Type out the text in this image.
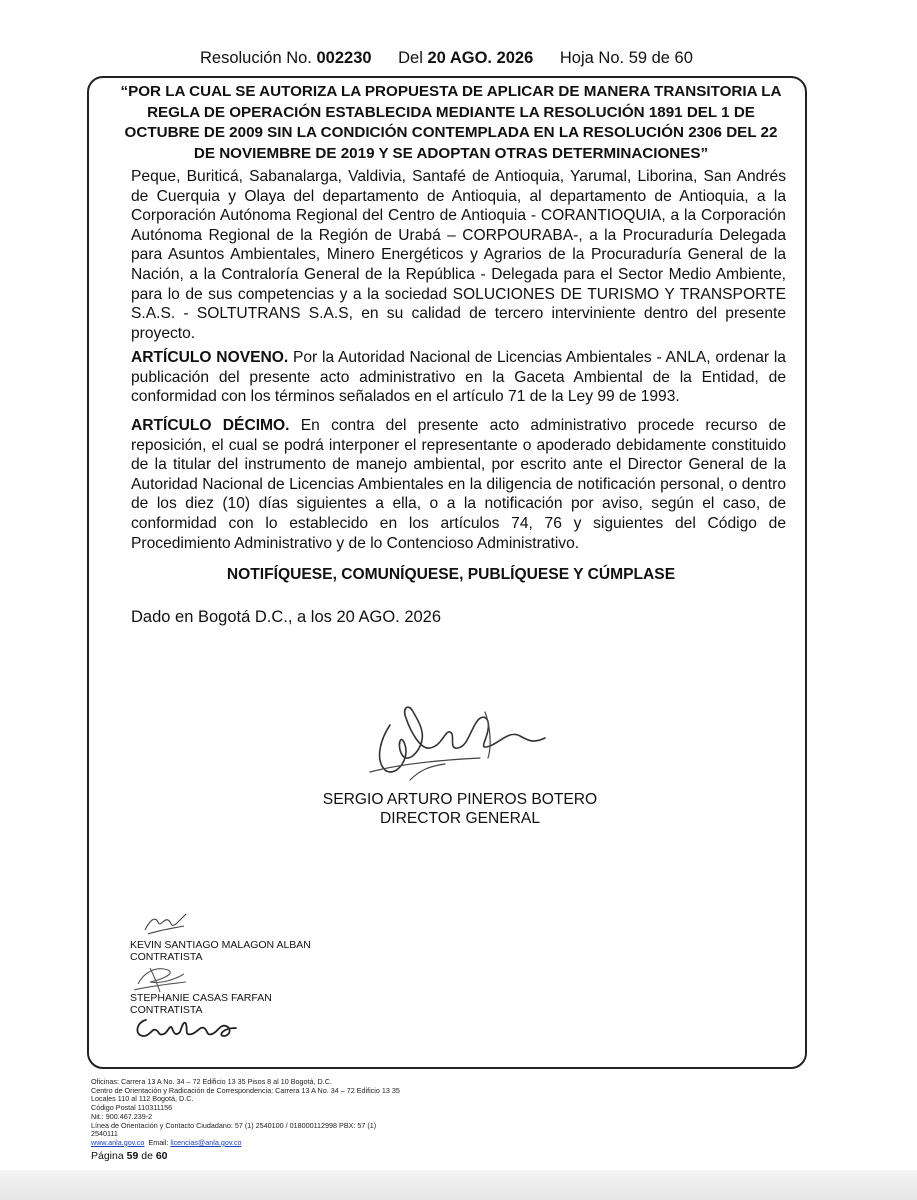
Resolución No. 002230 Del 20 AGO. 2026 Hoja No. 59 de 60
“POR LA CUAL SE AUTORIZA LA PROPUESTA DE APLICAR DE MANERA TRANSITORIA LA REGLA DE OPERACIÓN ESTABLECIDA MEDIANTE LA RESOLUCIÓN 1891 DEL 1 DE OCTUBRE DE 2009 SIN LA CONDICIÓN CONTEMPLADA EN LA RESOLUCIÓN 2306 DEL 22 DE NOVIEMBRE DE 2019 Y SE ADOPTAN OTRAS DETERMINACIONES”
Peque, Buriticá, Sabanalarga, Valdivia, Santafé de Antioquia, Yarumal, Liborina, San Andrés de Cuerquia y Olaya del departamento de Antioquia, al departamento de Antioquia, a la Corporación Autónoma Regional del Centro de Antioquia - CORANTIOQUIA, a la Corporación Autónoma Regional de la Región de Urabá – CORPOURABA-, a la Procuraduría Delegada para Asuntos Ambientales, Minero Energéticos y Agrarios de la Procuraduría General de la Nación, a la Contraloría General de la República - Delegada para el Sector Medio Ambiente, para lo de sus competencias y a la sociedad SOLUCIONES DE TURISMO Y TRANSPORTE S.A.S. - SOLTUTRANS S.A.S, en su calidad de tercero interviniente dentro del presente proyecto.
ARTÍCULO NOVENO. Por la Autoridad Nacional de Licencias Ambientales - ANLA, ordenar la publicación del presente acto administrativo en la Gaceta Ambiental de la Entidad, de conformidad con los términos señalados en el artículo 71 de la Ley 99 de 1993.
ARTÍCULO DÉCIMO. En contra del presente acto administrativo procede recurso de reposición, el cual se podrá interponer el representante o apoderado debidamente constituido de la titular del instrumento de manejo ambiental, por escrito ante el Director General de la Autoridad Nacional de Licencias Ambientales en la diligencia de notificación personal, o dentro de los diez (10) días siguientes a ella, o a la notificación por aviso, según el caso, de conformidad con lo establecido en los artículos 74, 76 y siguientes del Código de Procedimiento Administrativo y de lo Contencioso Administrativo.
NOTIFÍQUESE, COMUNÍQUESE, PUBLÍQUESE Y CÚMPLASE
Dado en Bogotá D.C., a los 20 AGO. 2026
SERGIO ARTURO PINEROS BOTERO
DIRECTOR GENERAL
KEVIN SANTIAGO MALAGON ALBAN
CONTRATISTA
STEPHANIE CASAS FARFAN
CONTRATISTA
Oficinas: Carrera 13 A No. 34 – 72 Edificio 13 35 Pisos 8 al 10 Bogotá, D.C.
Centro de Orientación y Radicación de Correspondencia: Carrera 13 A No. 34 – 72 Edificio 13 35
Locales 110 al 112 Bogotá, D.C.
Código Postal 110311156
Nit.: 900.467.239-2
Línea de Orientación y Contacto Ciudadano: 57 (1) 2540100 / 018000112998 PBX: 57 (1)
2540111
www.anla.gov.co Email: licencias@anla.gov.co
Página 59 de 60
